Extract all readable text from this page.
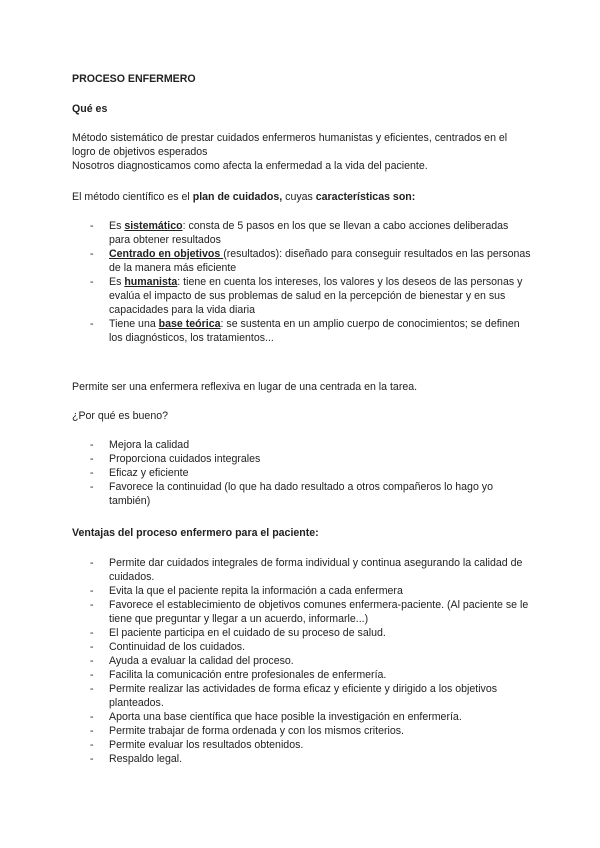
PROCESO ENFERMERO

Qué es

Método sistemático de prestar cuidados enfermeros humanistas y eficientes, centrados en el logro de objetivos esperados
Nosotros diagnosticamos como afecta la enfermedad a la vida del paciente.

El método científico es el plan de cuidados, cuyas características son:

- Es sistemático: consta de 5 pasos en los que se llevan a cabo acciones deliberadas para obtener resultados
- Centrado en objetivos (resultados): diseñado para conseguir resultados en las personas de la manera más eficiente
- Es humanista: tiene en cuenta los intereses, los valores y los deseos de las personas y evalúa el impacto de sus problemas de salud en la percepción de bienestar y en sus capacidades para la vida diaria
- Tiene una base teórica: se sustenta en un amplio cuerpo de conocimientos; se definen los diagnósticos, los tratamientos...

Permite ser una enfermera reflexiva en lugar de una centrada en la tarea.

¿Por qué es bueno?

- Mejora la calidad
- Proporciona cuidados integrales
- Eficaz y eficiente
- Favorece la continuidad (lo que ha dado resultado a otros compañeros lo hago yo también)

Ventajas del proceso enfermero para el paciente:

- Permite dar cuidados integrales de forma individual y continua asegurando la calidad de cuidados.
- Evita la que el paciente repita la información a cada enfermera
- Favorece el establecimiento de objetivos comunes enfermera-paciente. (Al paciente se le tiene que preguntar y llegar a un acuerdo, informarle...)
- El paciente participa en el cuidado de su proceso de salud.
- Continuidad de los cuidados.
- Ayuda a evaluar la calidad del proceso.
- Facilita la comunicación entre profesionales de enfermería.
- Permite realizar las actividades de forma eficaz y eficiente y dirigido a los objetivos planteados.
- Aporta una base científica que hace posible la investigación en enfermería.
- Permite trabajar de forma ordenada y con los mismos criterios.
- Permite evaluar los resultados obtenidos.
- Respaldo legal.
